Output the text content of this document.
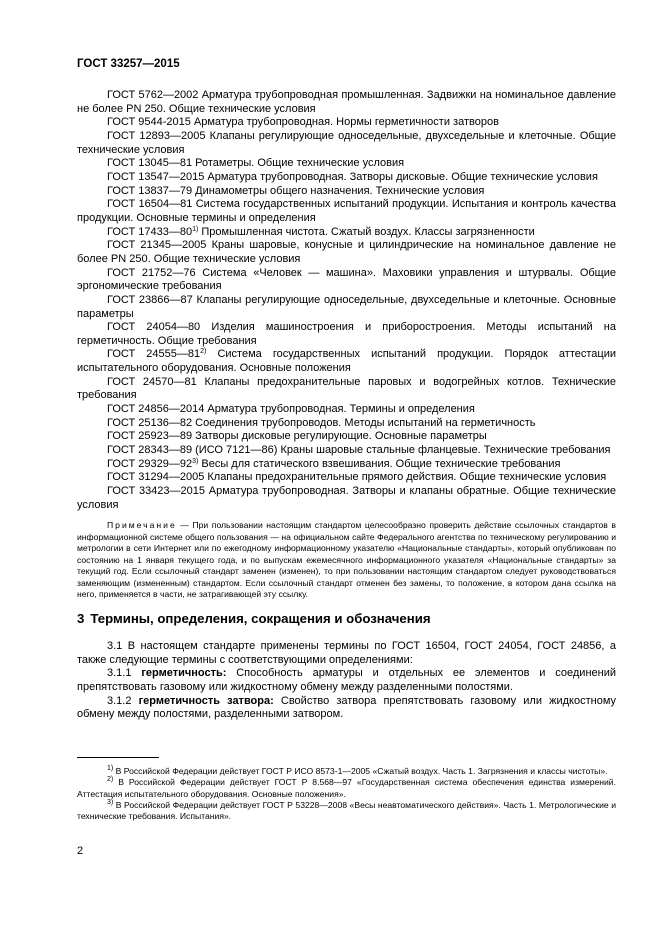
ГОСТ 33257—2015

ГОСТ 5762—2002 Арматура трубопроводная промышленная. Задвижки на номинальное давление не более PN 250. Общие технические условия

ГОСТ 9544-2015 Арматура трубопроводная. Нормы герметичности затворов

ГОСТ 12893—2005 Клапаны регулирующие односедельные, двухседельные и клеточные. Общие технические условия

ГОСТ 13045—81 Ротаметры. Общие технические условия

ГОСТ 13547—2015 Арматура трубопроводная. Затворы дисковые. Общие технические условия

ГОСТ 13837—79 Динамометры общего назначения. Технические условия

ГОСТ 16504—81 Система государственных испытаний продукции. Испытания и контроль качества продукции. Основные термины и определения

ГОСТ 17433—80$^{1)}$ Промышленная чистота. Сжатый воздух. Классы загрязненности

ГОСТ 21345—2005 Краны шаровые, конусные и цилиндрические на номинальное давление не более PN 250. Общие технические условия

ГОСТ 21752—76 Система «Человек — машина». Маховики управления и штурвалы. Общие эргономические требования

ГОСТ 23866—87 Клапаны регулирующие односедельные, двухседельные и клеточные. Основные параметры

ГОСТ 24054—80 Изделия машиностроения и приборостроения. Методы испытаний на герметичность. Общие требования

ГОСТ 24555—81$^{2)}$ Система государственных испытаний продукции. Порядок аттестации испытательного оборудования. Основные положения

ГОСТ 24570—81 Клапаны предохранительные паровых и водогрейных котлов. Технические требования

ГОСТ 24856—2014 Арматура трубопроводная. Термины и определения

ГОСТ 25136—82 Соединения трубопроводов. Методы испытаний на герметичность

ГОСТ 25923—89 Затворы дисковые регулирующие. Основные параметры

ГОСТ 28343—89 (ИСО 7121—86) Краны шаровые стальные фланцевые. Технические требования

ГОСТ 29329—92$^{3)}$ Весы для статического взвешивания. Общие технические требования

ГОСТ 31294—2005 Клапаны предохранительные прямого действия. Общие технические условия

ГОСТ 33423—2015 Арматура трубопроводная. Затворы и клапаны обратные. Общие технические условия

Примечание — При пользовании настоящим стандартом целесообразно проверить действие ссылочных стандартов в информационной системе общего пользования — на официальном сайте Федерального агентства по техническому регулированию и метрологии в сети Интернет или по ежегодному информационному указателю «Национальные стандарты», который опубликован по состоянию на 1 января текущего года, и по выпускам ежемесячного информационного указателя «Национальные стандарты» за текущий год. Если ссылочный стандарт заменен (изменен), то при пользовании настоящим стандартом следует руководствоваться заменяющим (измененным) стандартом. Если ссылочный стандарт отменен без замены, то положение, в котором дана ссылка на него, применяется в части, не затрагивающей эту ссылку.

3 Термины, определения, сокращения и обозначения

3.1 В настоящем стандарте применены термины по ГОСТ 16504, ГОСТ 24054, ГОСТ 24856, а также следующие термины с соответствующими определениями:

3.1.1 герметичность: Способность арматуры и отдельных ее элементов и соединений препятствовать газовому или жидкостному обмену между разделенными полостями.

3.1.2 герметичность затвора: Свойство затвора препятствовать газовому или жидкостному обмену между полостями, разделенными затвором.

$^{1)}$ В Российской Федерации действует ГОСТ Р ИСО 8573-1—2005 «Сжатый воздух. Часть 1. Загрязнения и классы чистоты».

$^{2)}$ В Российской Федерации действует ГОСТ Р 8.568—97 «Государственная система обеспечения единства измерений. Аттестация испытательного оборудования. Основные положения».

$^{3)}$ В Российской Федерации действует ГОСТ Р 53228—2008 «Весы неавтоматического действия». Часть 1. Метрологические и технические требования. Испытания».

2
